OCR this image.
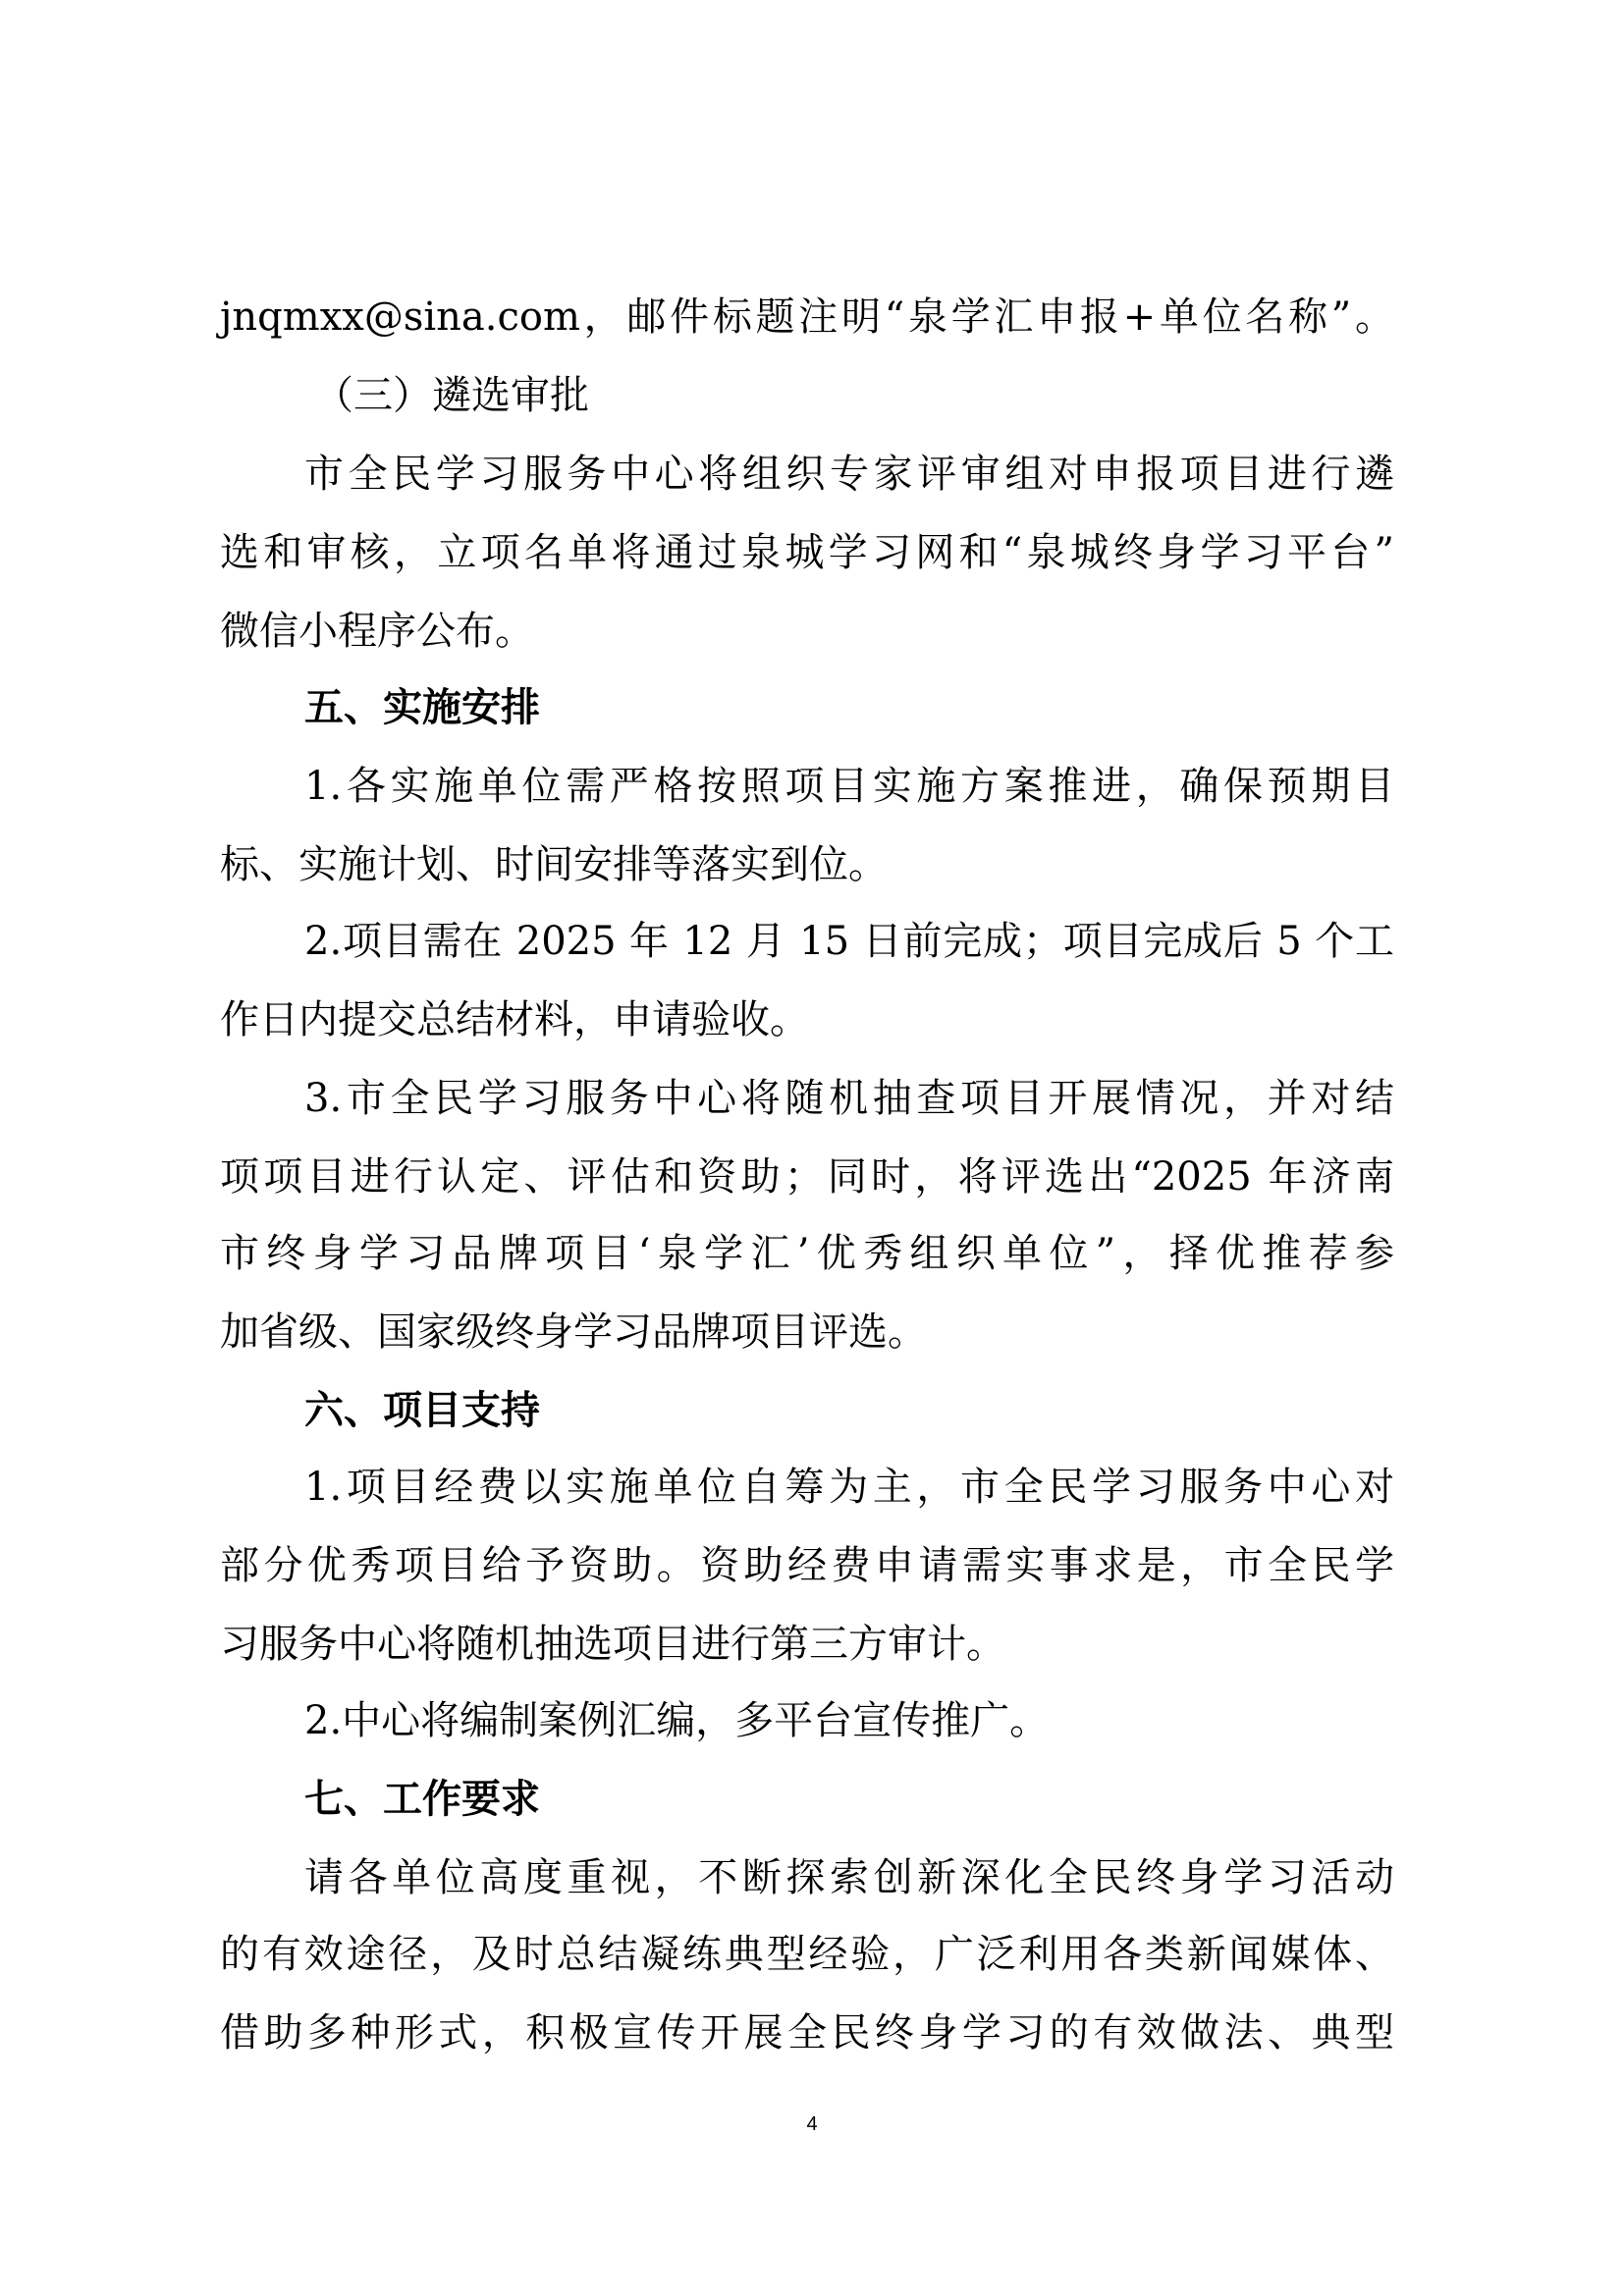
jnqmxx@sina.com，邮件标题注明“泉学汇申报+单位名称”。
（三）遴选审批
市全民学习服务中心将组织专家评审组对申报项目进行遴
选和审核，立项名单将通过泉城学习网和“泉城终身学习平台”
微信小程序公布。
五、实施安排
1.各实施单位需严格按照项目实施方案推进，确保预期目
标、实施计划、时间安排等落实到位。
2.项目需在 2025 年 12 月 15 日前完成；项目完成后 5 个工
作日内提交总结材料，申请验收。
3.市全民学习服务中心将随机抽查项目开展情况，并对结
项项目进行认定、评估和资助；同时，将评选出“2025 年济南
市终身学习品牌项目‘泉学汇’优秀组织单位”，择优推荐参
加省级、国家级终身学习品牌项目评选。
六、项目支持
1.项目经费以实施单位自筹为主，市全民学习服务中心对
部分优秀项目给予资助。资助经费申请需实事求是，市全民学
习服务中心将随机抽选项目进行第三方审计。
2.中心将编制案例汇编，多平台宣传推广。
七、工作要求
请各单位高度重视，不断探索创新深化全民终身学习活动
的有效途径，及时总结凝练典型经验，广泛利用各类新闻媒体、
借助多种形式，积极宣传开展全民终身学习的有效做法、典型
4
